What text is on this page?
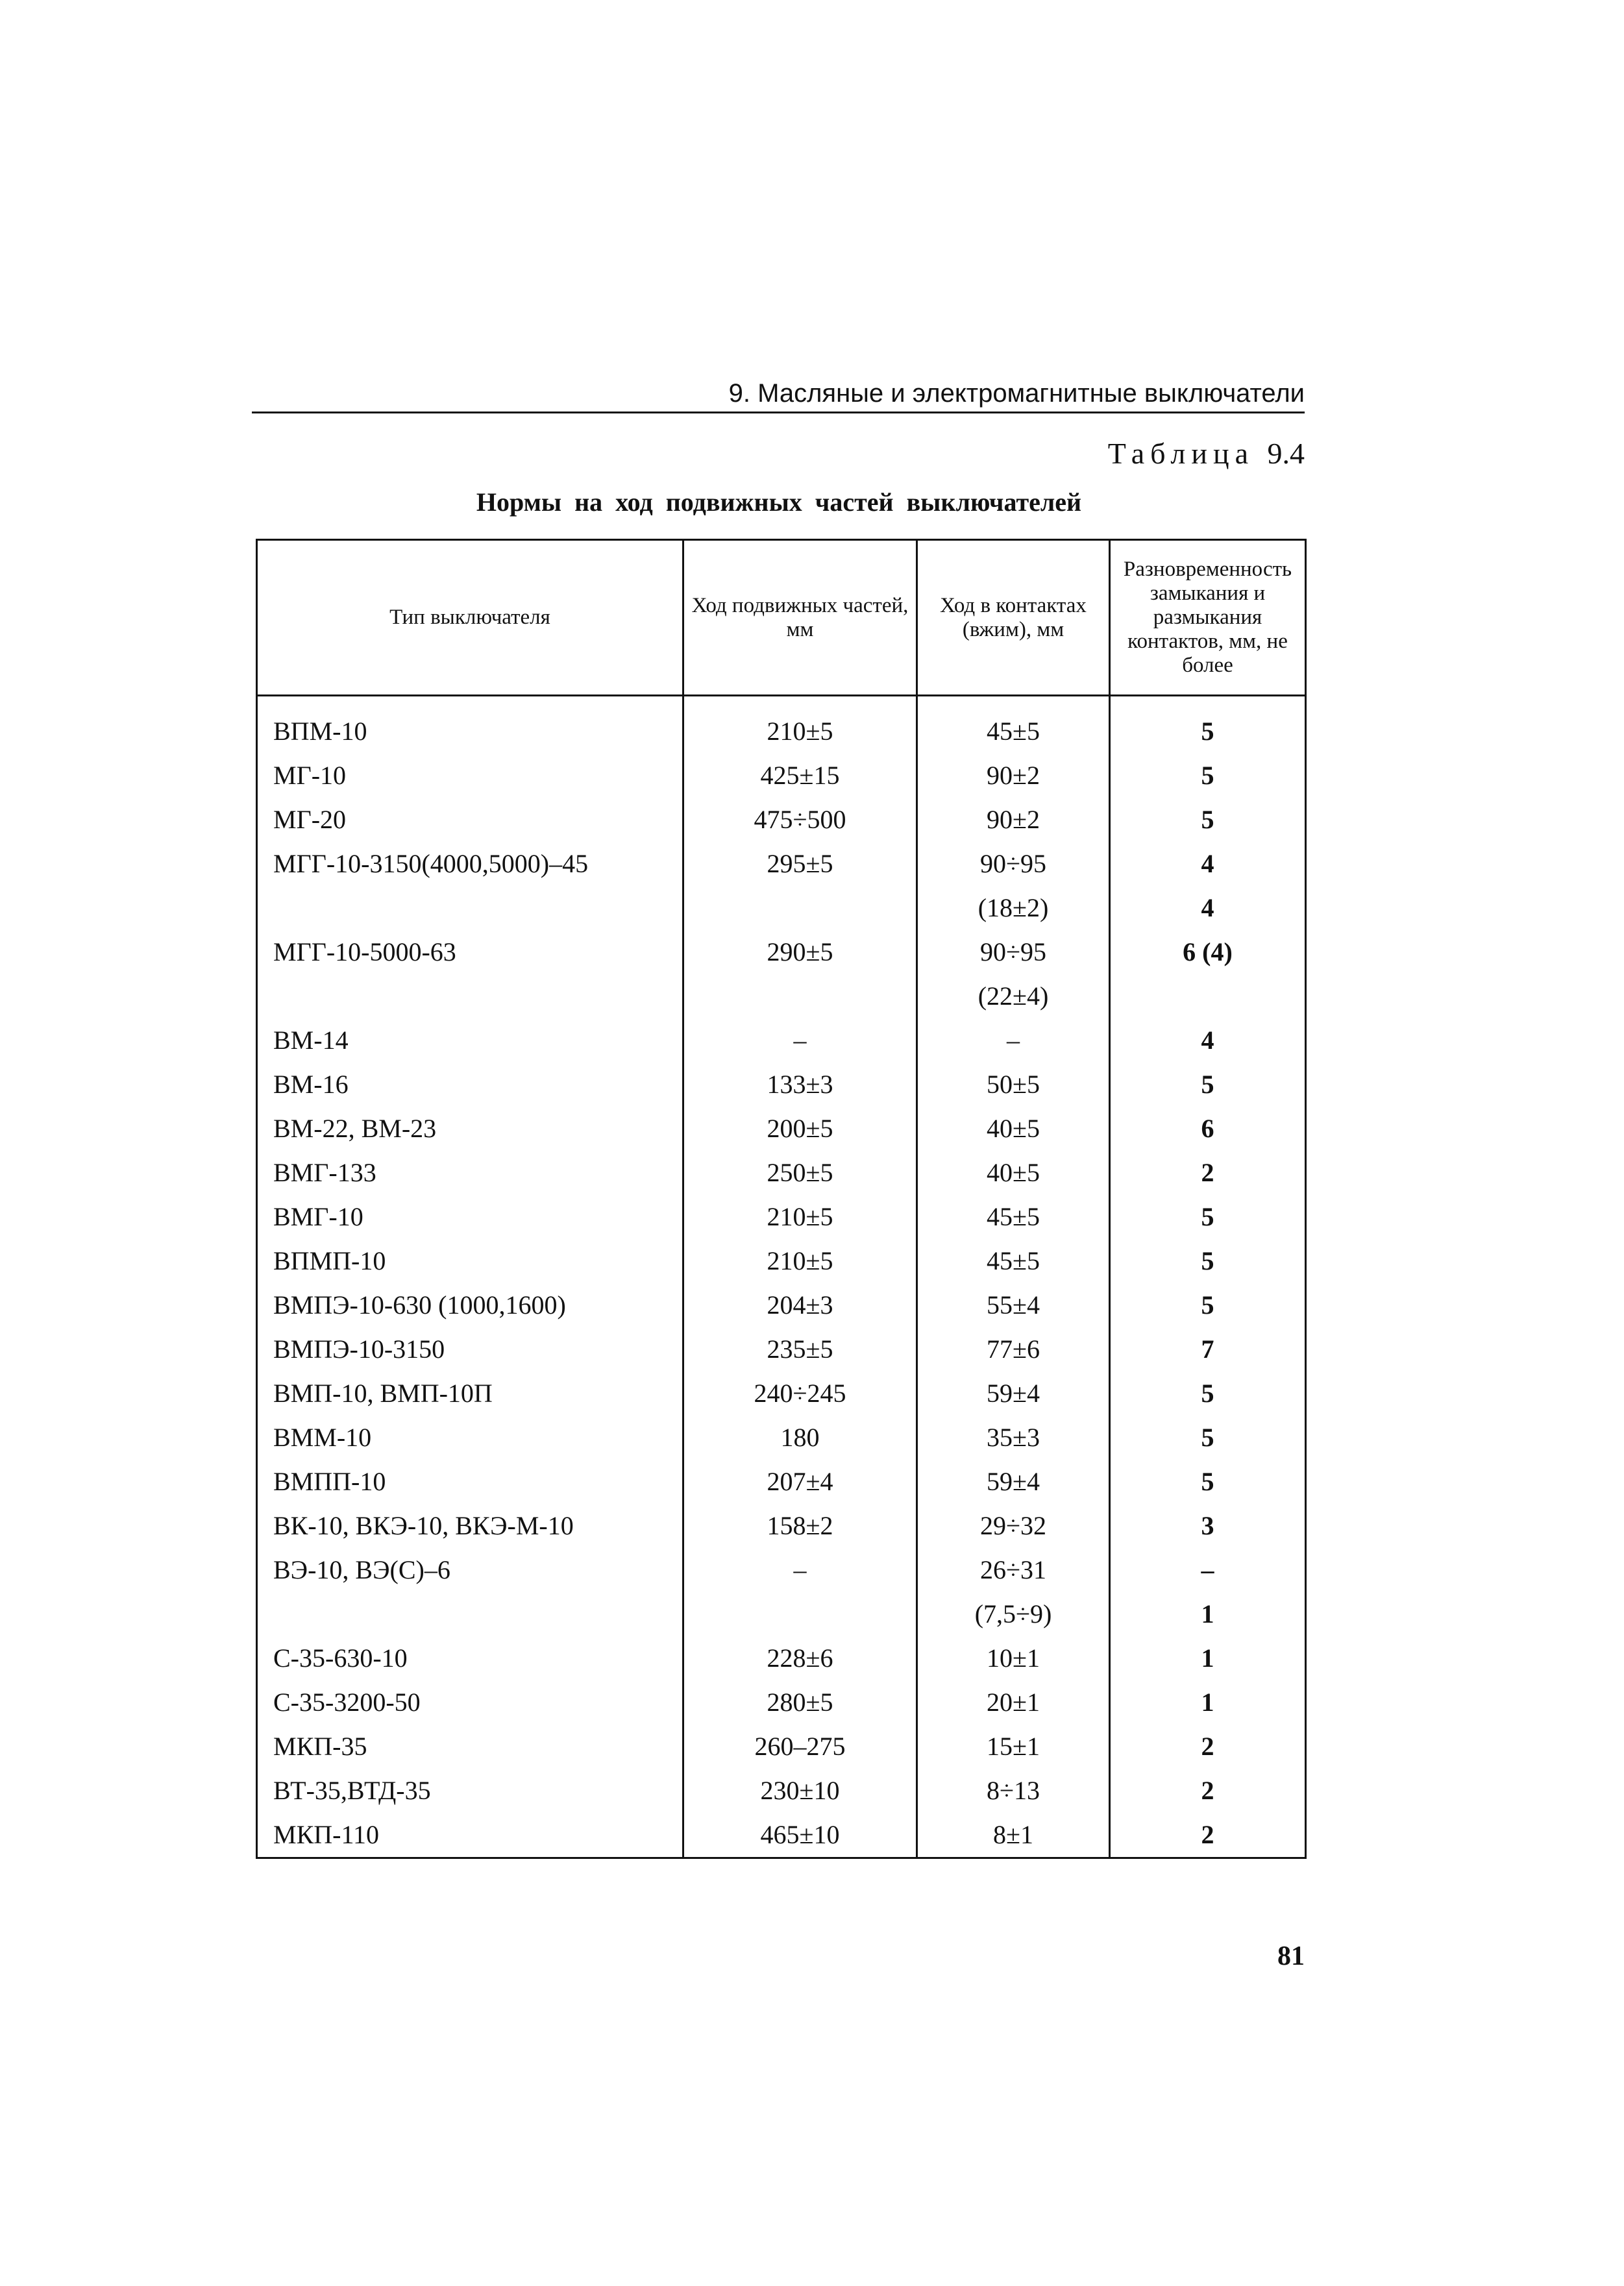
9. Масляные и электромагнитные выключатели
Таблица 9.4
Нормы на ход подвижных частей выключателей
Тип выключателя	Ход подвижных частей, мм	Ход в контактах (вжим), мм	Разновременность замыкания и размыкания контактов, мм, не более
ВПМ-10	210±5	45±5	5
МГ-10	425±15	90±2	5
МГ-20	475÷500	90±2	5
МГГ-10-3150(4000,5000)–45	295±5	90÷95	4
		(18±2)	4
МГГ-10-5000-63	290±5	90÷95	6 (4)
		(22±4)	
ВМ-14	–	–	4
ВМ-16	133±3	50±5	5
ВМ-22, ВМ-23	200±5	40±5	6
ВМГ-133	250±5	40±5	2
ВМГ-10	210±5	45±5	5
ВПМП-10	210±5	45±5	5
ВМПЭ-10-630 (1000,1600)	204±3	55±4	5
ВМПЭ-10-3150	235±5	77±6	7
ВМП-10, ВМП-10П	240÷245	59±4	5
ВММ-10	180	35±3	5
ВМПП-10	207±4	59±4	5
ВК-10, ВКЭ-10, ВКЭ-М-10	158±2	29÷32	3
ВЭ-10, ВЭ(С)–6	–	26÷31	–
		(7,5÷9)	1
С-35-630-10	228±6	10±1	1
С-35-3200-50	280±5	20±1	1
МКП-35	260–275	15±1	2
ВТ-35,ВТД-35	230±10	8÷13	2
МКП-110	465±10	8±1	2
81
